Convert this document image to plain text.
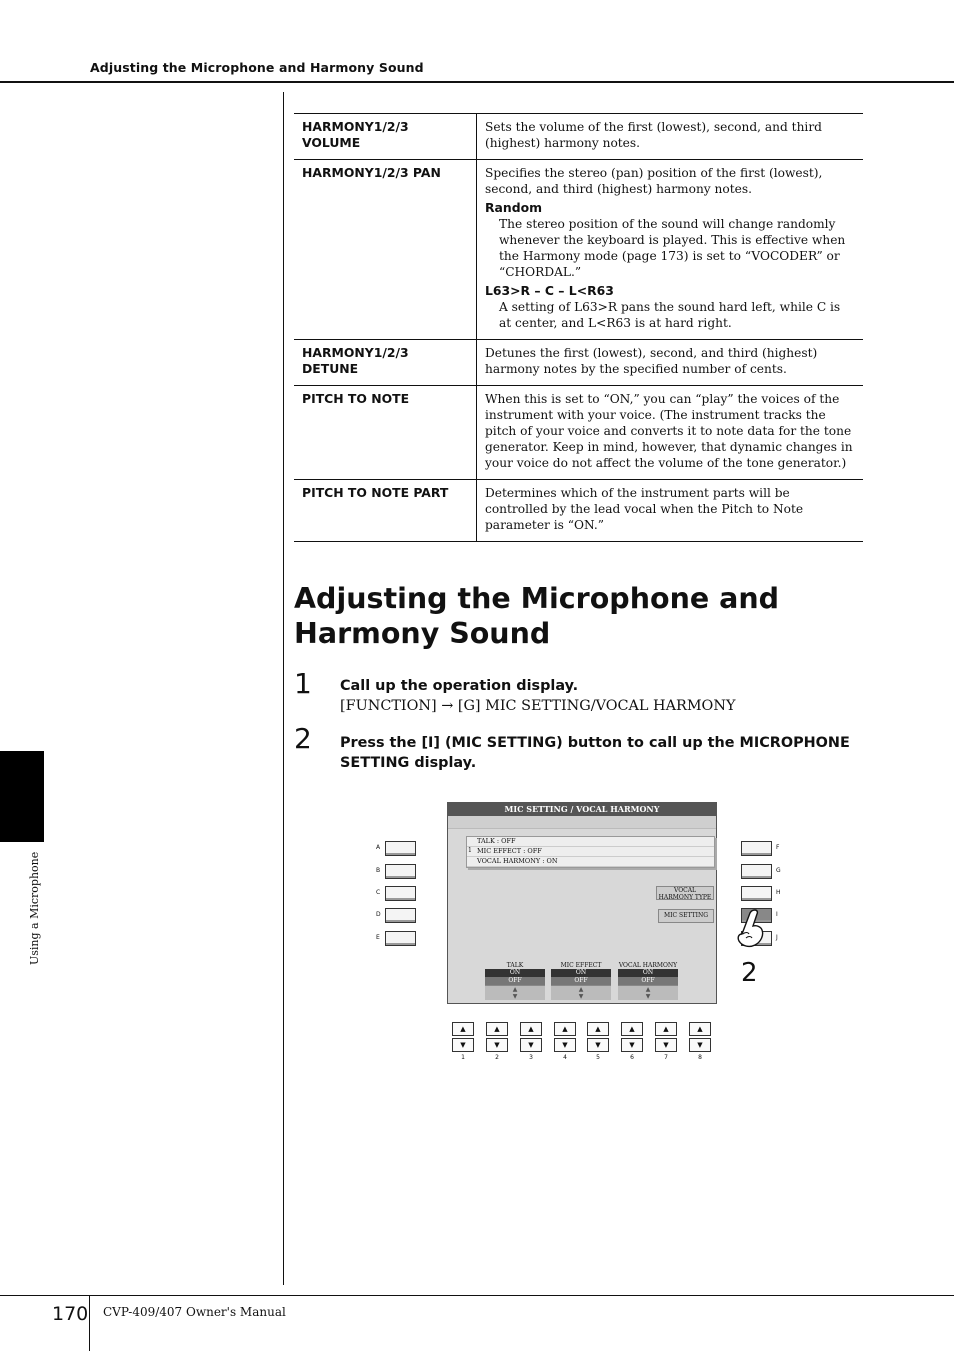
Adjusting the Microphone and Harmony Sound
Using a Microphone
HARMONY1/2/3 VOLUME	Sets the volume of the first (lowest), second, and third (highest) harmony notes.
HARMONY1/2/3 PAN	Specifies the stereo (pan) position of the first (lowest), second, and third (highest) harmony notes.
Random
The stereo position of the sound will change randomly whenever the keyboard is played. This is effective when the Harmony mode (page 173) is set to “VOCODER” or “CHORDAL.”
L63>R – C – L<R63
A setting of L63>R pans the sound hard left, while C is at center, and L<R63 is at hard right.

HARMONY1/2/3 DETUNE	Detunes the first (lowest), second, and third (highest) harmony notes by the specified number of cents.
PITCH TO NOTE	When this is set to “ON,” you can “play” the voices of the instrument with your voice. (The instrument tracks the pitch of your voice and converts it to note data for the tone generator. Keep in mind, however, that dynamic changes in your voice do not affect the volume of the tone generator.)
PITCH TO NOTE PART	Determines which of the instrument parts will be controlled by the lead vocal when the Pitch to Note parameter is “ON.”
Adjusting the Microphone and Harmony Sound
1 Call up the operation display.
[FUNCTION] → [G] MIC SETTING/VOCAL HARMONY
2 Press the [I] (MIC SETTING) button to call up the MICROPHONE SETTING display.
MIC SETTING / VOCAL HARMONY
TALK : OFF
MIC EFFECT : OFF
VOCAL HARMONY : ON
1
VOCAL HARMONY TYPE
MIC SETTING
TALK
ON
OFF
▲
▼
MIC EFFECT
ON
OFF
▲
▼
VOCAL HARMONY
ON
OFF
▲
▼
A
B
C
D
E
F
G
H
I
J
2
▲
▼
1
▲
▼
2
▲
▼
3
▲
▼
4
▲
▼
5
▲
▼
6
▲
▼
7
▲
▼
8
170 CVP-409/407 Owner's Manual
